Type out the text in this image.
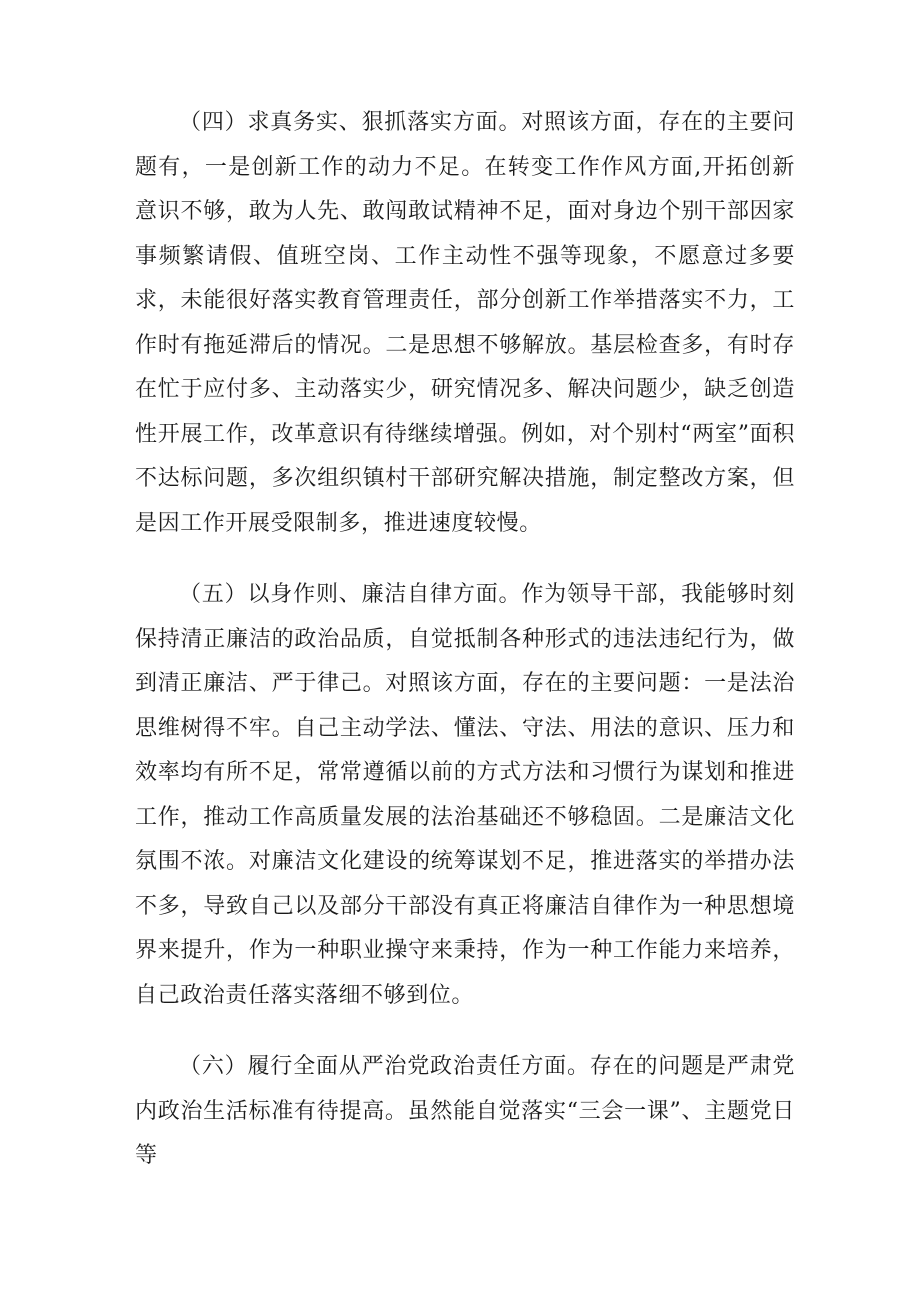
（四）求真务实、狠抓落实方面。对照该方面，存在的主要问题有，一是创新工作的动力不足。在转变工作作风方面,开拓创新意识不够，敢为人先、敢闯敢试精神不足，面对身边个别干部因家事频繁请假、值班空岗、工作主动性不强等现象，不愿意过多要求，未能很好落实教育管理责任，部分创新工作举措落实不力，工作时有拖延滞后的情况。二是思想不够解放。基层检查多，有时存在忙于应付多、主动落实少，研究情况多、解决问题少，缺乏创造性开展工作，改革意识有待继续增强。例如，对个别村“两室”面积不达标问题，多次组织镇村干部研究解决措施，制定整改方案，但是因工作开展受限制多，推进速度较慢。

（五）以身作则、廉洁自律方面。作为领导干部，我能够时刻保持清正廉洁的政治品质，自觉抵制各种形式的违法违纪行为，做到清正廉洁、严于律己。对照该方面，存在的主要问题：一是法治思维树得不牢。自己主动学法、懂法、守法、用法的意识、压力和效率均有所不足，常常遵循以前的方式方法和习惯行为谋划和推进工作，推动工作高质量发展的法治基础还不够稳固。二是廉洁文化氛围不浓。对廉洁文化建设的统筹谋划不足，推进落实的举措办法不多，导致自己以及部分干部没有真正将廉洁自律作为一种思想境界来提升，作为一种职业操守来秉持，作为一种工作能力来培养，自己政治责任落实落细不够到位。

（六）履行全面从严治党政治责任方面。存在的问题是严肃党内政治生活标准有待提高。虽然能自觉落实“三会一课”、主题党日等
